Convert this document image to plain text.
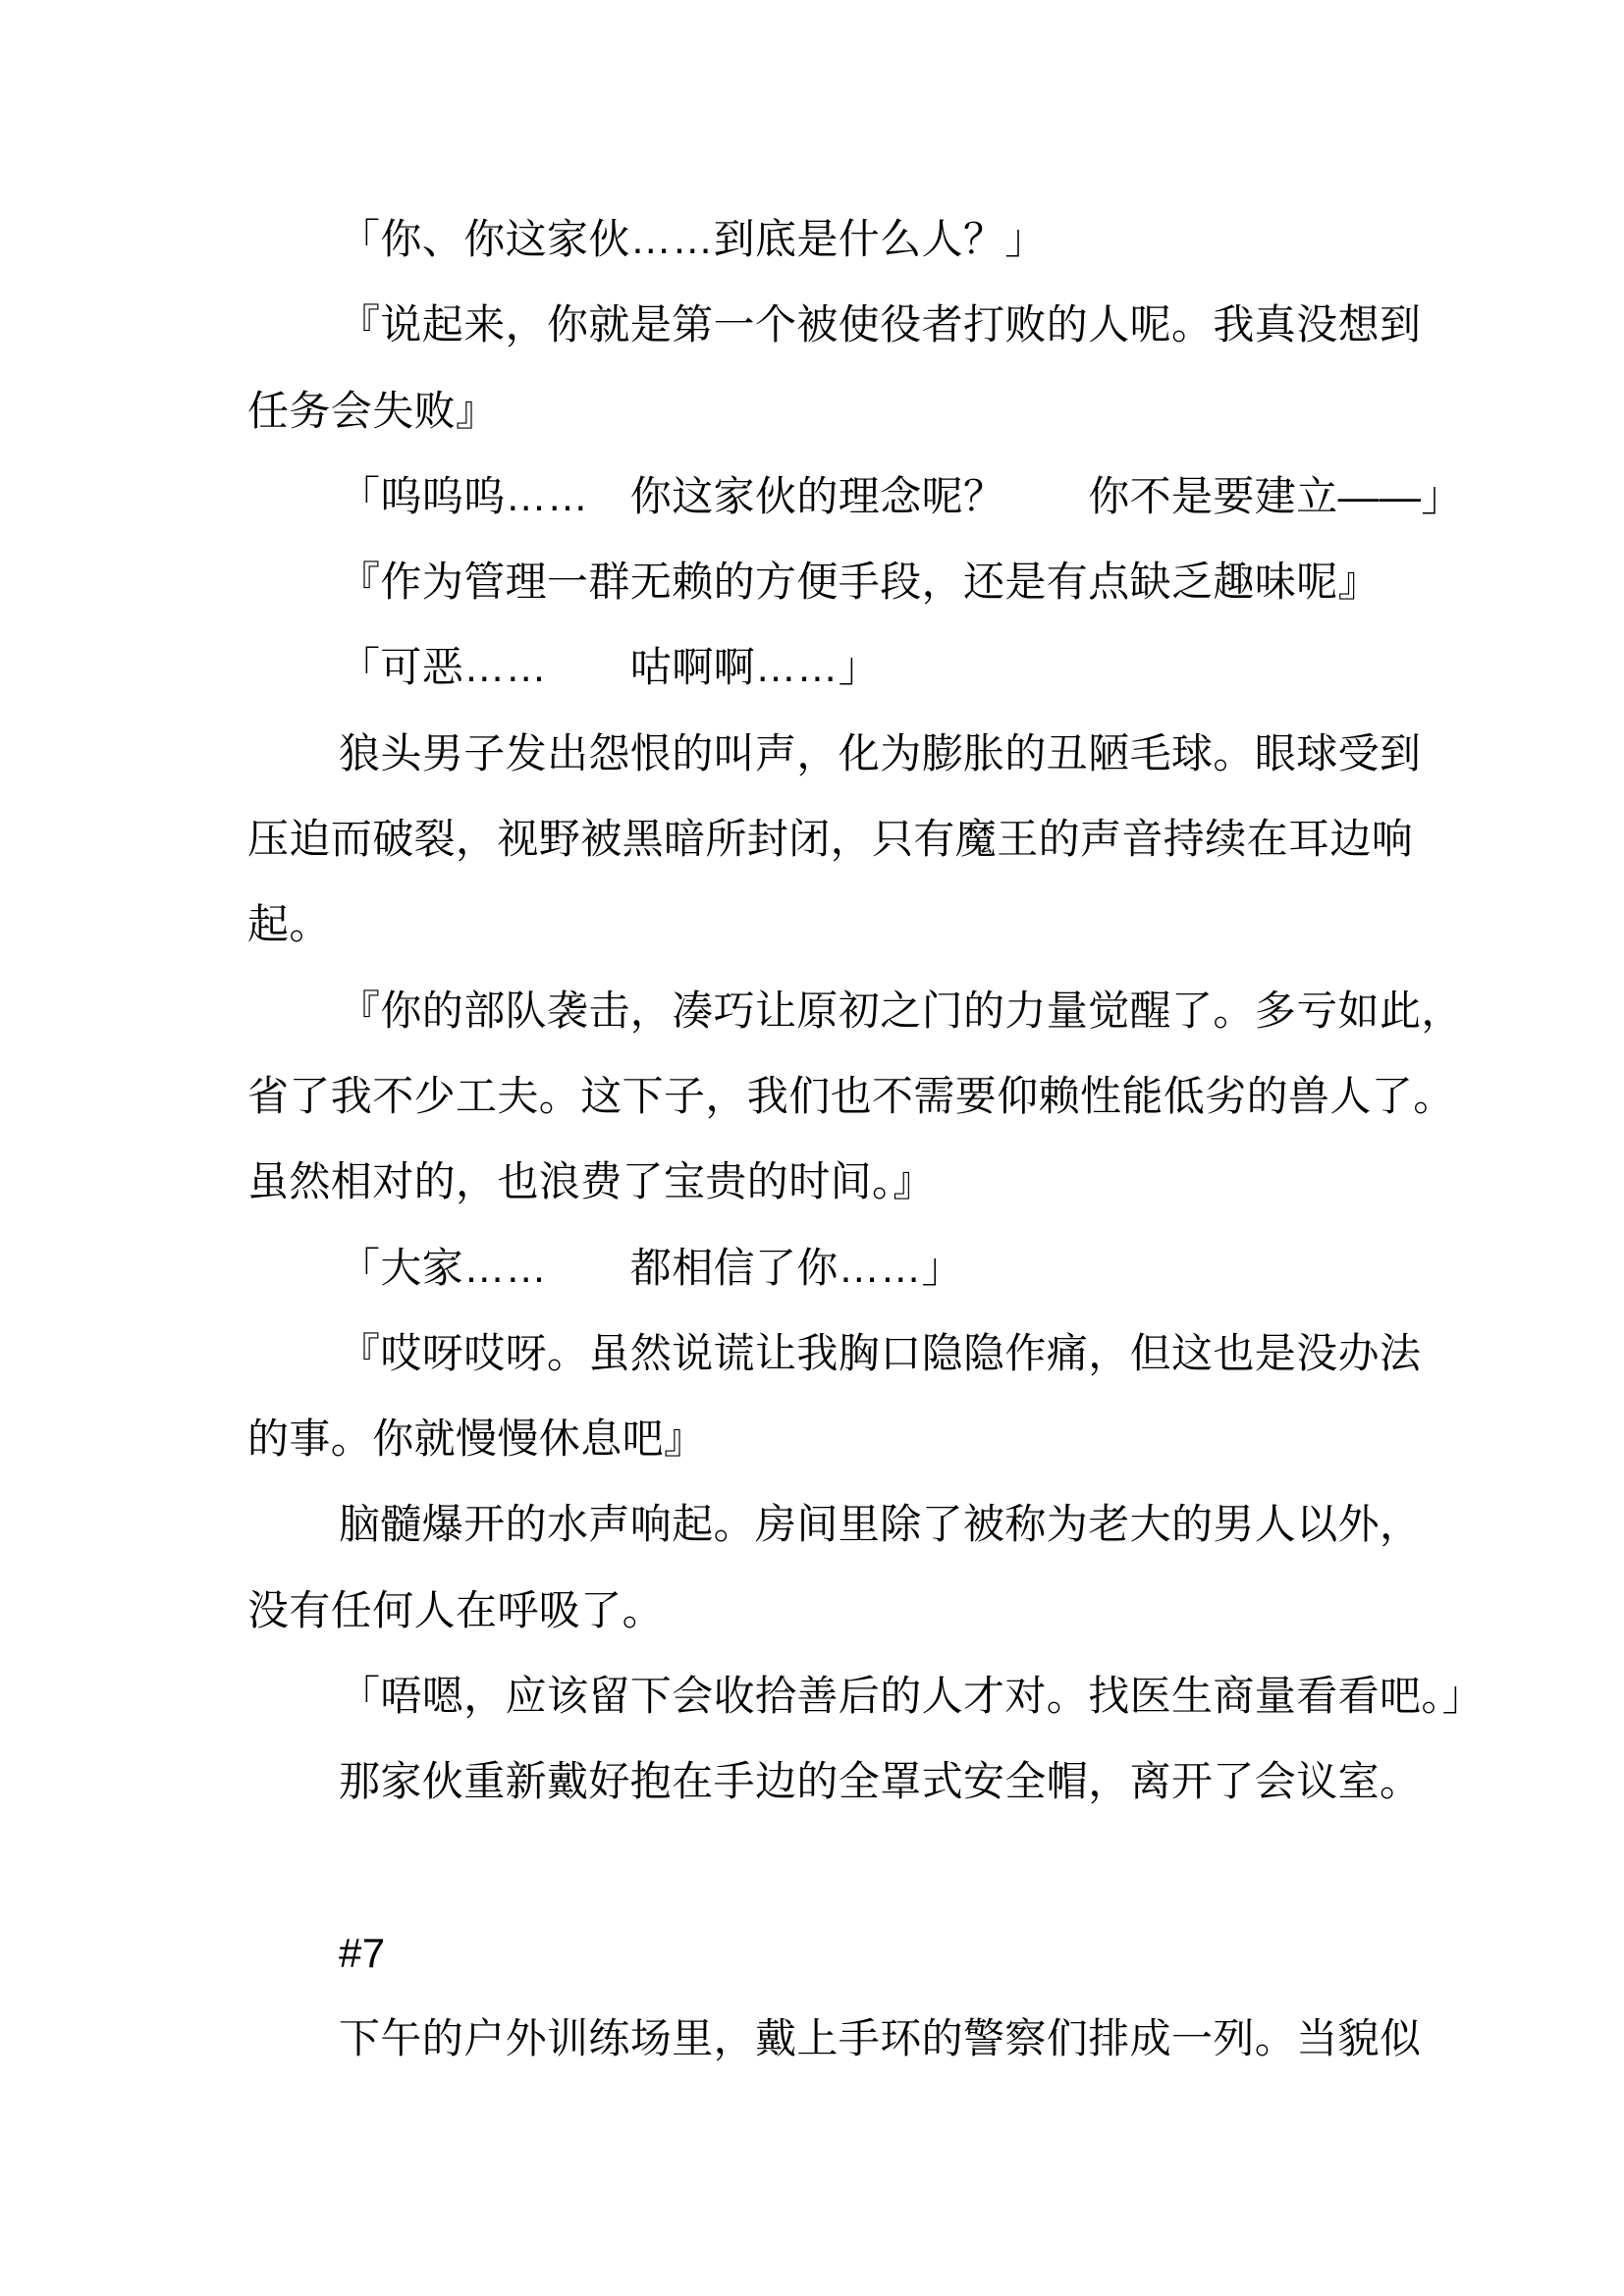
「你、你这家伙……到底是什么人？」
『说起来，你就是第一个被使役者打败的人呢。我真没想到
任务会失败』
「呜呜呜……　你这家伙的理念呢？　　你不是要建立——」
『作为管理一群无赖的方便手段，还是有点缺乏趣味呢』
「可恶……　　咕啊啊……」
狼头男子发出怨恨的叫声，化为膨胀的丑陋毛球。眼球受到
压迫而破裂，视野被黑暗所封闭，只有魔王的声音持续在耳边响
起。
『你的部队袭击，凑巧让原初之门的力量觉醒了。多亏如此，
省了我不少工夫。这下子，我们也不需要仰赖性能低劣的兽人了。
虽然相对的，也浪费了宝贵的时间。』
「大家……　　都相信了你……」
『哎呀哎呀。虽然说谎让我胸口隐隐作痛，但这也是没办法
的事。你就慢慢休息吧』
脑髓爆开的水声响起。房间里除了被称为老大的男人以外，
没有任何人在呼吸了。
「唔嗯，应该留下会收拾善后的人才对。找医生商量看看吧。」
那家伙重新戴好抱在手边的全罩式安全帽，离开了会议室。
#7
下午的户外训练场里，戴上手环的警察们排成一列。当貌似
